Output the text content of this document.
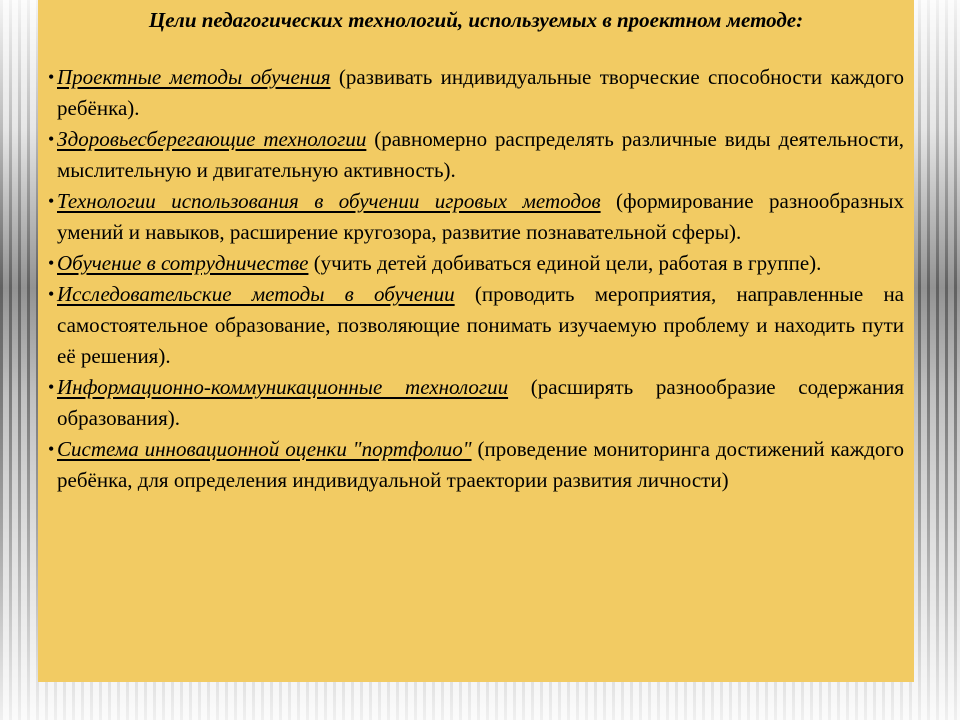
Цели педагогических технологий, используемых в проектном методе:

• Проектные методы обучения (развивать индивидуальные творческие способности каждого ребёнка).
• Здоровьесберегающие технологии (равномерно распределять различные виды деятельности, мыслительную и двигательную активность).
• Технологии использования в обучении игровых методов (формирование разнообразных умений и навыков, расширение кругозора, развитие познавательной сферы).
• Обучение в сотрудничестве (учить детей добиваться единой цели, работая в группе).
• Исследовательские методы в обучении (проводить мероприятия, направленные на самостоятельное образование, позволяющие понимать изучаемую проблему и находить пути её решения).
• Информационно-коммуникационные технологии (расширять разнообразие содержания образования).
• Система инновационной оценки "портфолио" (проведение мониторинга достижений каждого ребёнка, для определения индивидуальной траектории развития личности)
